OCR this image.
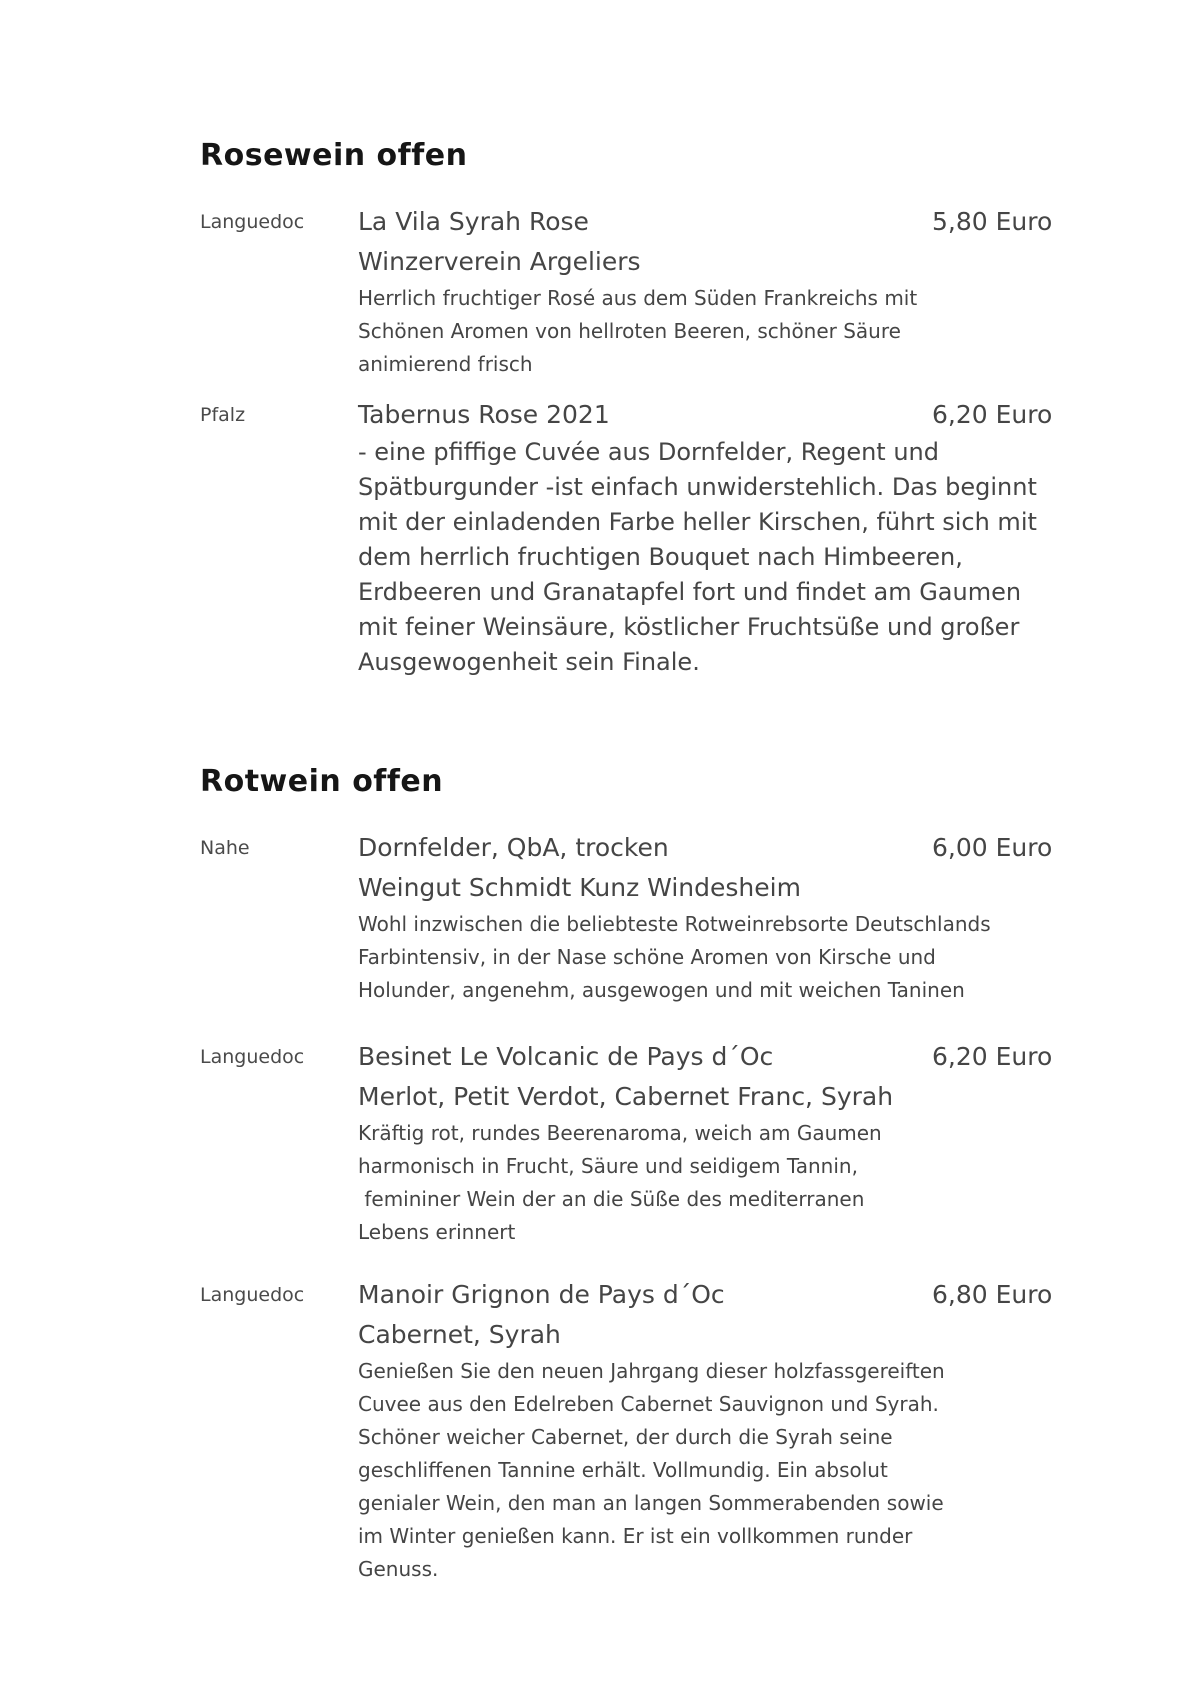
Rosewein offen
Languedoc	La Vila Syrah Rose	5,80 Euro
Winzerverein Argeliers
Herrlich fruchtiger Rosé aus dem Süden Frankreichs mit
Schönen Aromen von hellroten Beeren, schöner Säure
animierend frisch
Pfalz	Tabernus Rose 2021	6,20 Euro
- eine pfiffige Cuvée aus Dornfelder, Regent und
Spätburgunder -ist einfach unwiderstehlich. Das beginnt
mit der einladenden Farbe heller Kirschen, führt sich mit
dem herrlich fruchtigen Bouquet nach Himbeeren,
Erdbeeren und Granatapfel fort und findet am Gaumen
mit feiner Weinsäure, köstlicher Fruchtsüße und großer
Ausgewogenheit sein Finale.
Rotwein offen
Nahe	Dornfelder, QbA, trocken	6,00 Euro
Weingut Schmidt Kunz Windesheim
Wohl inzwischen die beliebteste Rotweinrebsorte Deutschlands
Farbintensiv, in der Nase schöne Aromen von Kirsche und
Holunder, angenehm, ausgewogen und mit weichen Taninen
Languedoc	Besinet Le Volcanic de Pays d´Oc	6,20 Euro
Merlot, Petit Verdot, Cabernet Franc, Syrah
Kräftig rot, rundes Beerenaroma, weich am Gaumen
harmonisch in Frucht, Säure und seidigem Tannin,
femininer Wein der an die Süße des mediterranen
Lebens erinnert
Languedoc	Manoir Grignon de Pays d´Oc	6,80 Euro
Cabernet, Syrah
Genießen Sie den neuen Jahrgang dieser holzfassgereiften
Cuvee aus den Edelreben Cabernet Sauvignon und Syrah.
Schöner weicher Cabernet, der durch die Syrah seine
geschliffenen Tannine erhält. Vollmundig. Ein absolut
genialer Wein, den man an langen Sommerabenden sowie
im Winter genießen kann. Er ist ein vollkommen runder
Genuss.
